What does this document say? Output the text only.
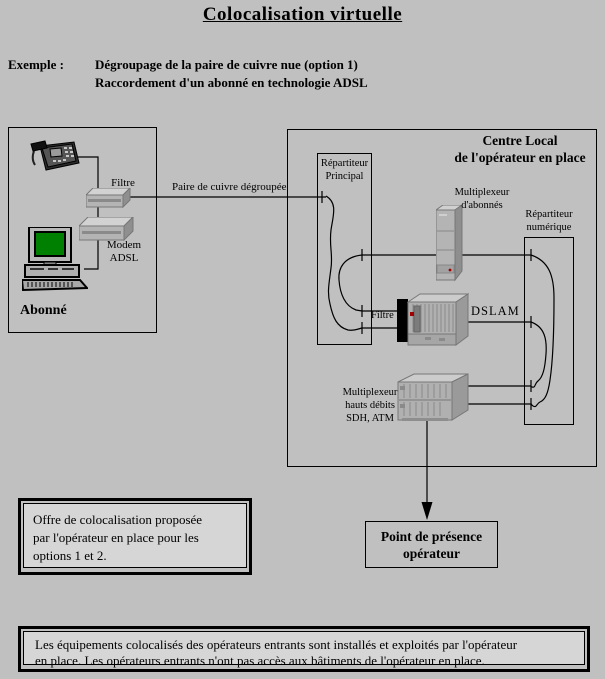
Colocalisation virtuelle
Exemple : Dégroupage de la paire de cuivre nue (option 1)
Raccordement d'un abonné en technologie ADSL
Filtre
Modem
ADSL
Abonné
Paire de cuivre dégroupée
Centre Local
de l'opérateur en place
Répartiteur
Principal
Multiplexeur
d'abonnés
Répartiteur
numérique
Filtre	DSLAM
Multiplexeur
hauts débits
SDH, ATM
Point de présence
opérateur
Offre de colocalisation proposée
par l'opérateur en place pour les
options 1 et 2.
Les équipements colocalisés des opérateurs entrants sont installés et exploités par l'opérateur
en place. Les opérateurs entrants n'ont pas accès aux bâtiments de l'opérateur en place.
